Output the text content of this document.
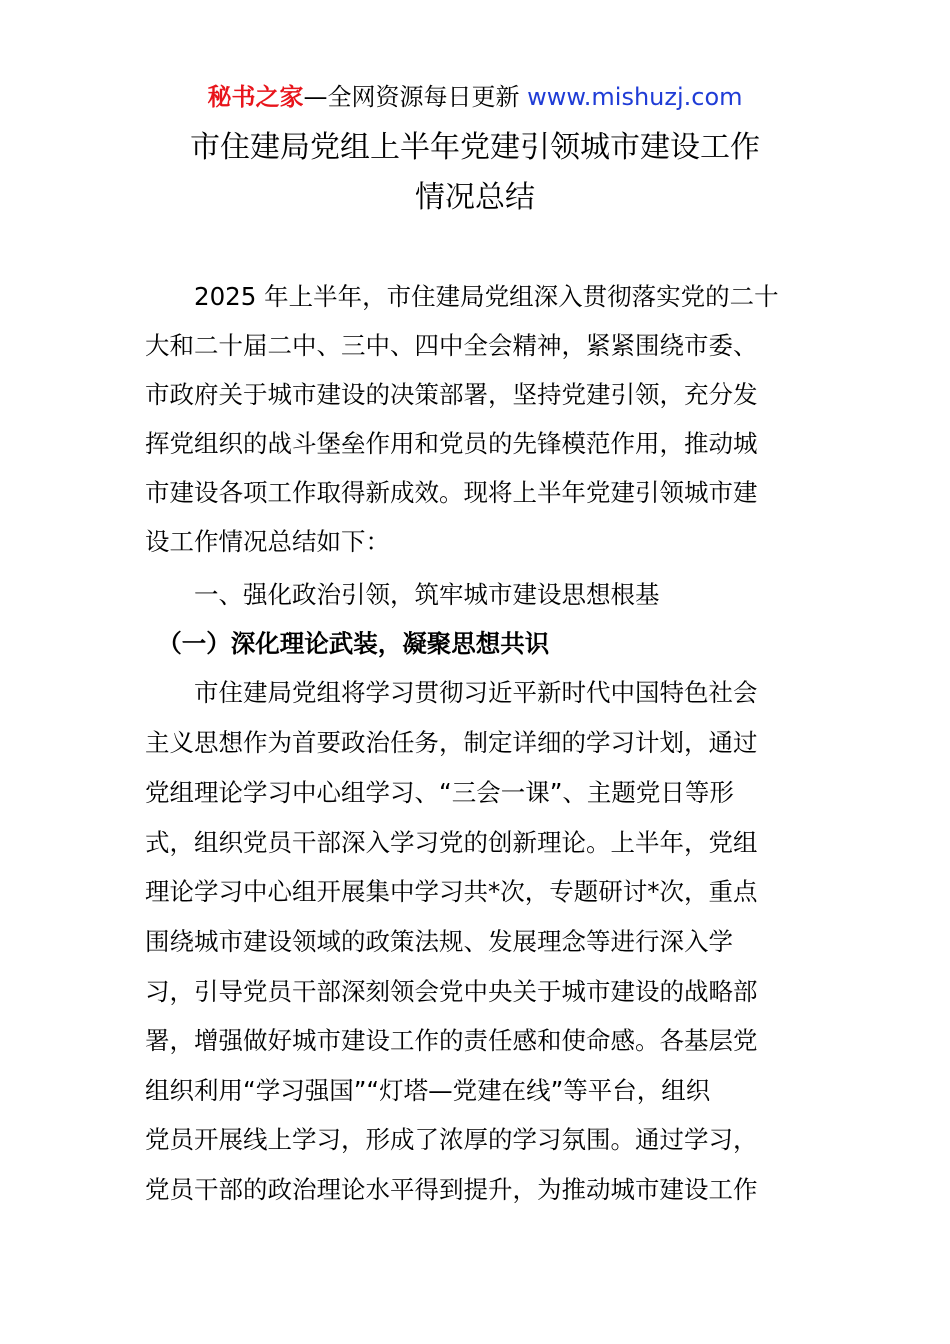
秘书之家—全网资源每日更新 www.mishuzj.com
市住建局党组上半年党建引领城市建设工作
情况总结
　　2025 年上半年，市住建局党组深入贯彻落实党的二十
大和二十届二中、三中、四中全会精神，紧紧围绕市委、
市政府关于城市建设的决策部署，坚持党建引领，充分发
挥党组织的战斗堡垒作用和党员的先锋模范作用，推动城
市建设各项工作取得新成效。现将上半年党建引领城市建
设工作情况总结如下：
　　一、强化政治引领，筑牢城市建设思想根基
　（一）深化理论武装，凝聚思想共识
　　市住建局党组将学习贯彻习近平新时代中国特色社会
主义思想作为首要政治任务，制定详细的学习计划，通过
党组理论学习中心组学习、“三会一课”、主题党日等形
式，组织党员干部深入学习党的创新理论。上半年，党组
理论学习中心组开展集中学习共*次，专题研讨*次，重点
围绕城市建设领域的政策法规、发展理念等进行深入学
习，引导党员干部深刻领会党中央关于城市建设的战略部
署，增强做好城市建设工作的责任感和使命感。各基层党
组织利用“学习强国”“灯塔—党建在线”等平台，组织
党员开展线上学习，形成了浓厚的学习氛围。通过学习，
党员干部的政治理论水平得到提升，为推动城市建设工作
